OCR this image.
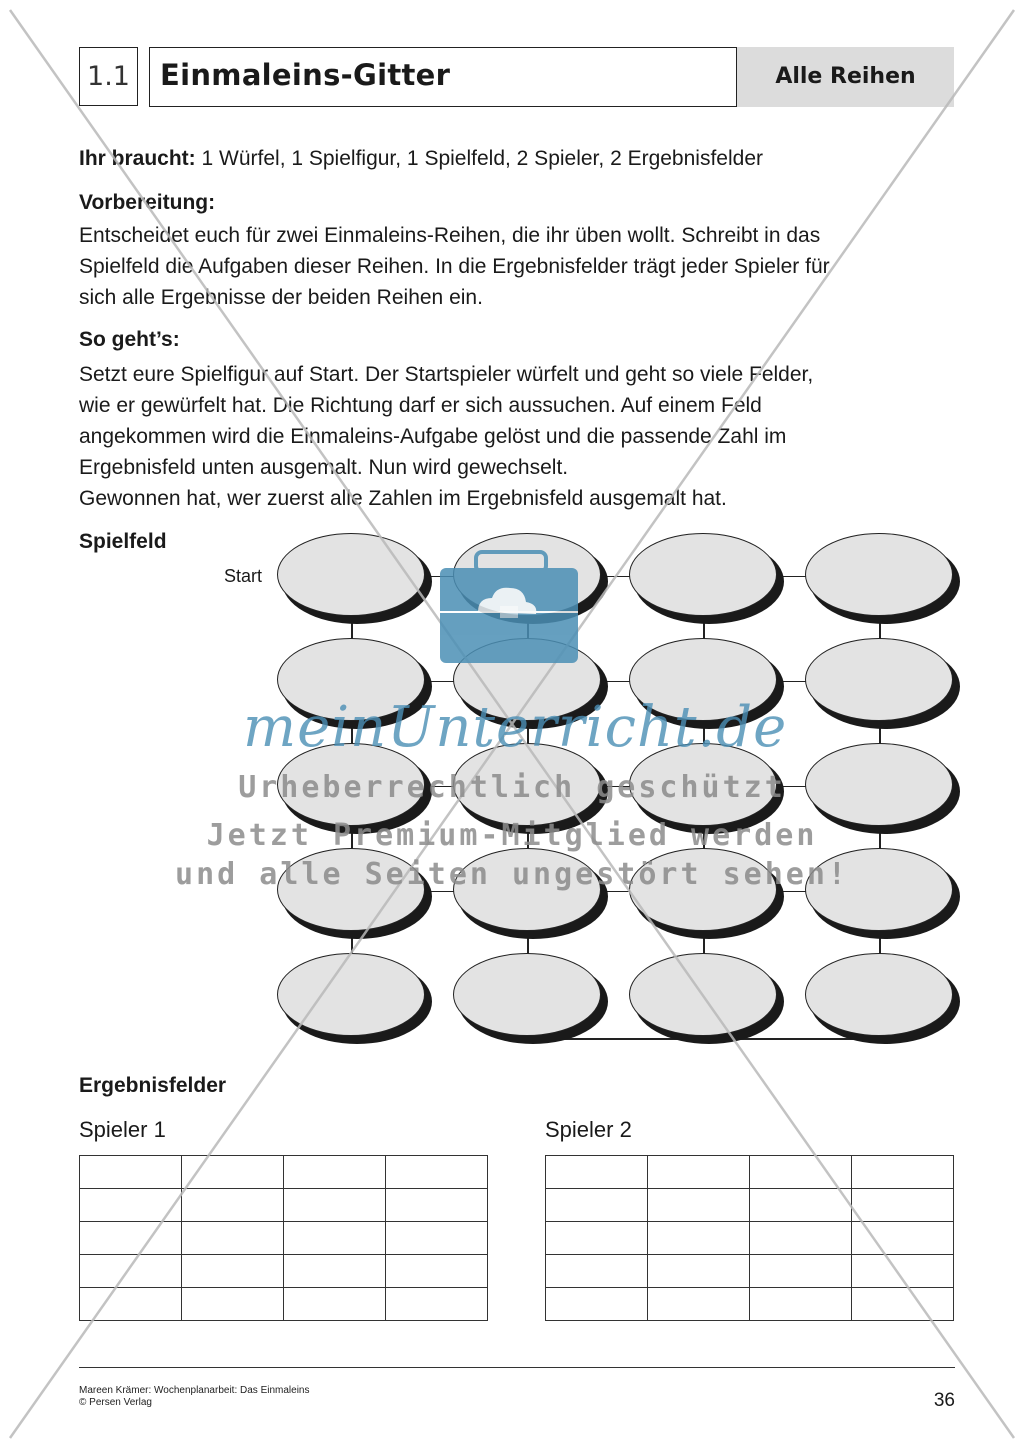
1.1 Einmaleins-Gitter	Alle Reihen
Ihr braucht: 1 Würfel, 1 Spielfigur, 1 Spielfeld, 2 Spieler, 2 Ergebnisfelder
Vorbereitung:
Entscheidet euch für zwei Einmaleins-Reihen, die ihr üben wollt. Schreibt in das
Spielfeld die Aufgaben dieser Reihen. In die Ergebnisfelder trägt jeder Spieler für
sich alle Ergebnisse der beiden Reihen ein.
So geht’s:
Setzt eure Spielfigur auf Start. Der Startspieler würfelt und geht so viele Felder,
wie er gewürfelt hat. Die Richtung darf er sich aussuchen. Auf einem Feld
angekommen wird die Einmaleins-Aufgabe gelöst und die passende Zahl im
Ergebnisfeld unten ausgemalt. Nun wird gewechselt.
Gewonnen hat, wer zuerst alle Zahlen im Ergebnisfeld ausgemalt hat.
Spielfeld
Start
Ergebnisfelder
Spieler 1	Spieler 2

Mareen Krämer: Wochenplanarbeit: Das Einmaleins
© Persen Verlag	36
meinUnterricht.de
Urheberrechtlich geschützt
Jetzt Premium-Mitglied werden
und alle Seiten ungestört sehen!
